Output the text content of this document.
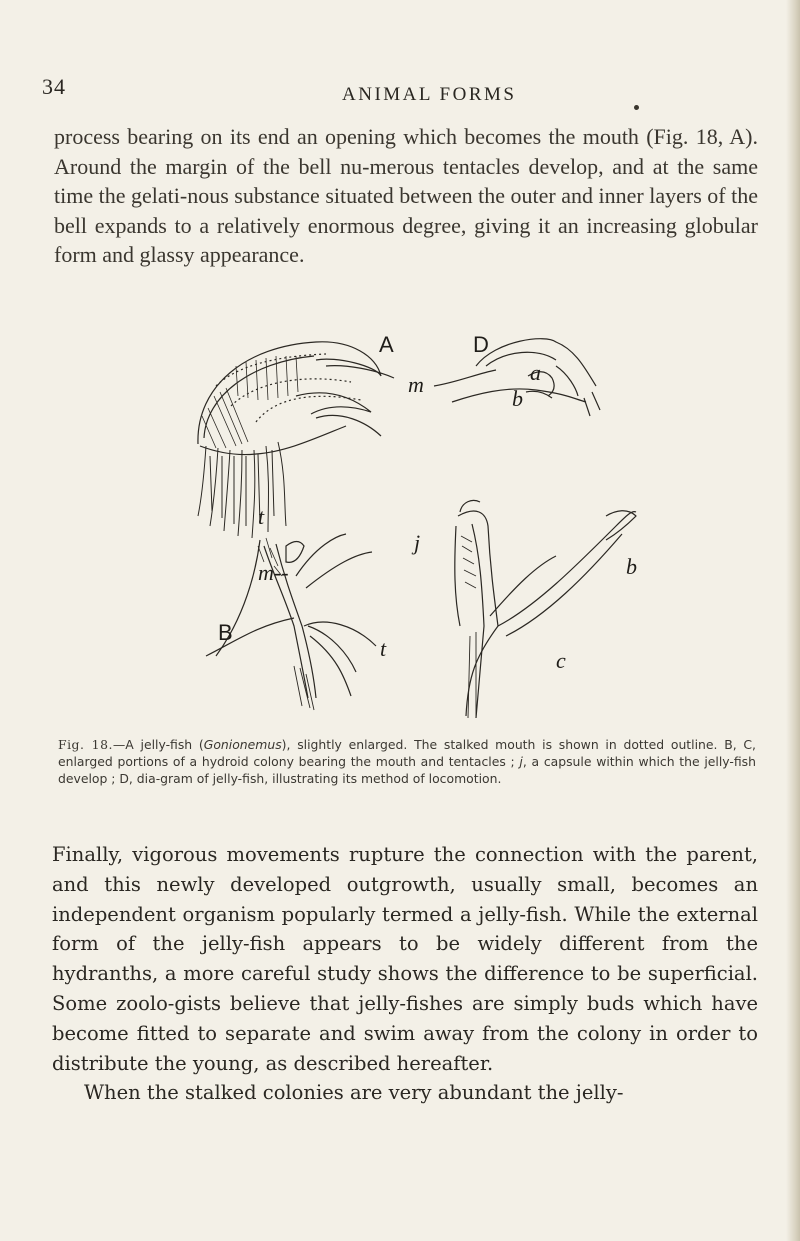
34	ANIMAL FORMS

process bearing on its end an opening which becomes the mouth (Fig. 18, A). Around the margin of the bell nu-merous tentacles develop, and at the same time the gelati-nous substance situated between the outer and inner layers of the bell expands to a relatively enormous degree, giving it an increasing globular form and glassy appearance.

A	D
a
b
m
t
j
m--	b
B
t	c

Fig. 18.—A jelly-fish (Gonionemus), slightly enlarged. The stalked mouth is shown in dotted outline. B, C, enlarged portions of a hydroid colony bearing the mouth and tentacles ; j, a capsule within which the jelly-fish develop ; D, dia-gram of jelly-fish, illustrating its method of locomotion.

Finally, vigorous movements rupture the connection with the parent, and this newly developed outgrowth, usually small, becomes an independent organism popularly termed a jelly-fish. While the external form of the jelly-fish appears to be widely different from the hydranths, a more careful study shows the difference to be superficial. Some zoolo-gists believe that jelly-fishes are simply buds which have become fitted to separate and swim away from the colony in order to distribute the young, as described hereafter.
When the stalked colonies are very abundant the jelly-
